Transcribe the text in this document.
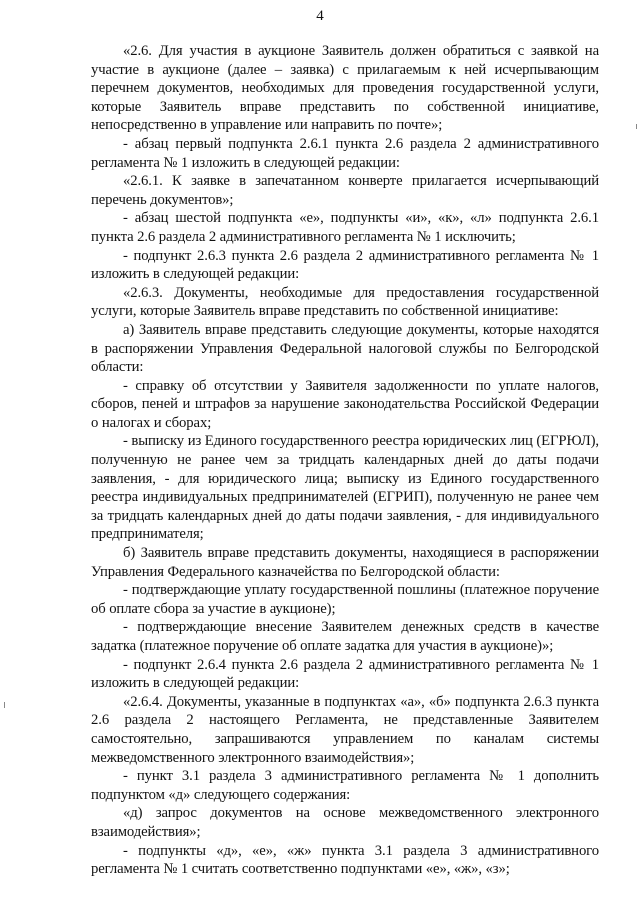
4

«2.6. Для участия в аукционе Заявитель должен обратиться с заявкой на участие в аукционе (далее – заявка) с прилагаемым к ней исчерпывающим перечнем документов, необходимых для проведения государственной услуги, которые Заявитель вправе представить по собственной инициативе, непосредственно в управление или направить по почте»;

- абзац первый подпункта 2.6.1 пункта 2.6 раздела 2 административного регламента № 1 изложить в следующей редакции:

«2.6.1. К заявке в запечатанном конверте прилагается исчерпывающий перечень документов»;

- абзац шестой подпункта «е», подпункты «и», «к», «л» подпункта 2.6.1 пункта 2.6 раздела 2 административного регламента № 1 исключить;

- подпункт 2.6.3 пункта 2.6 раздела 2 административного регламента № 1 изложить в следующей редакции:

«2.6.3. Документы, необходимые для предоставления государственной услуги, которые Заявитель вправе представить по собственной инициативе:

а) Заявитель вправе представить следующие документы, которые находятся в распоряжении Управления Федеральной налоговой службы по Белгородской области:

- справку об отсутствии у Заявителя задолженности по уплате налогов, сборов, пеней и штрафов за нарушение законодательства Российской Федерации о налогах и сборах;

- выписку из Единого государственного реестра юридических лиц (ЕГРЮЛ), полученную не ранее чем за тридцать календарных дней до даты подачи заявления, - для юридического лица; выписку из Единого государственного реестра индивидуальных предпринимателей (ЕГРИП), полученную не ранее чем за тридцать календарных дней до даты подачи заявления, - для индивидуального предпринимателя;

б) Заявитель вправе представить документы, находящиеся в распоряжении Управления Федерального казначейства по Белгородской области:

- подтверждающие уплату государственной пошлины (платежное поручение об оплате сбора за участие в аукционе);

- подтверждающие внесение Заявителем денежных средств в качестве задатка (платежное поручение об оплате задатка для участия в аукционе)»;

- подпункт 2.6.4 пункта 2.6 раздела 2 административного регламента № 1 изложить в следующей редакции:

«2.6.4. Документы, указанные в подпунктах «а», «б» подпункта 2.6.3 пункта 2.6 раздела 2 настоящего Регламента, не представленные Заявителем самостоятельно, запрашиваются управлением по каналам системы межведомственного электронного взаимодействия»;

- пункт 3.1 раздела 3 административного регламента № 1 дополнить подпунктом «д» следующего содержания:

«д) запрос документов на основе межведомственного электронного взаимодействия»;

- подпункты «д», «е», «ж» пункта 3.1 раздела 3 административного регламента № 1 считать соответственно подпунктами «е», «ж», «з»;
